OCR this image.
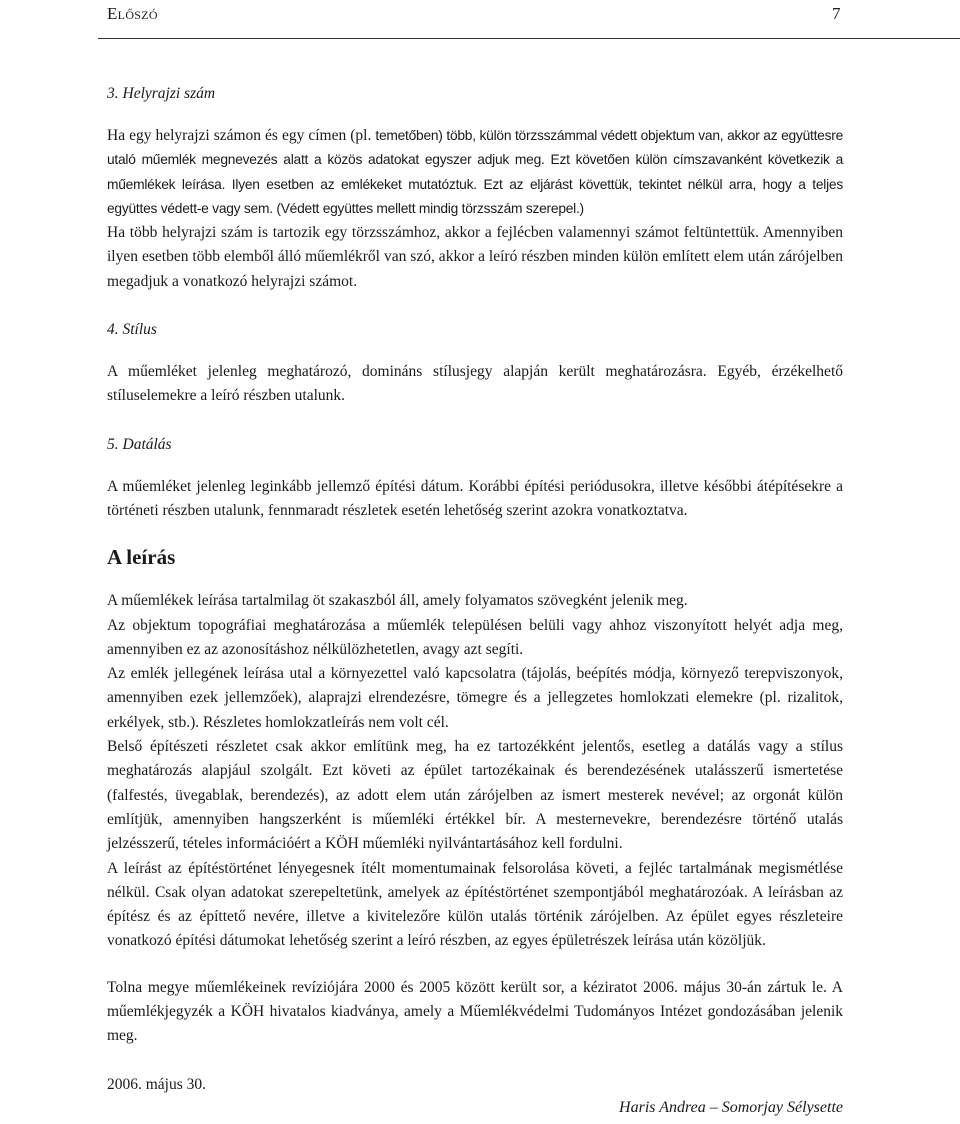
Előszó	7

3. Helyrajzi szám

Ha egy helyrajzi számon és egy címen (pl. temetőben) több, külön törzsszámmal védett objektum van, akkor az együttesre utaló műemlék megnevezés alatt a közös adatokat egyszer adjuk meg. Ezt követően külön címszavanként következik a műemlékek leírása. Ilyen esetben az emlékeket mutatóztuk. Ezt az eljárást követtük, tekintet nélkül arra, hogy a teljes együttes védett-e vagy sem. (Védett együttes mellett mindig törzsszám szerepel.)

Ha több helyrajzi szám is tartozik egy törzsszámhoz, akkor a fejlécben valamennyi számot feltüntettük. Amennyiben ilyen esetben több elemből álló műemlékről van szó, akkor a leíró részben minden külön említett elem után zárójelben megadjuk a vonatkozó helyrajzi számot.

4. Stílus

A műemléket jelenleg meghatározó, domináns stílusjegy alapján került meghatározásra. Egyéb, érzékelhető stíluselemekre a leíró részben utalunk.

5. Datálás

A műemléket jelenleg leginkább jellemző építési dátum. Korábbi építési periódusokra, illetve későbbi átépítésekre a történeti részben utalunk, fennmaradt részletek esetén lehetőség szerint azokra vonatkoztatva.

A leírás

A műemlékek leírása tartalmilag öt szakaszból áll, amely folyamatos szövegként jelenik meg.

Az objektum topográfiai meghatározása a műemlék településen belüli vagy ahhoz viszonyított helyét adja meg, amennyiben ez az azonosításhoz nélkülözhetetlen, avagy azt segíti.

Az emlék jellegének leírása utal a környezettel való kapcsolatra (tájolás, beépítés módja, környező terepviszonyok, amennyiben ezek jellemzőek), alaprajzi elrendezésre, tömegre és a jellegzetes homlokzati elemekre (pl. rizalitok, erkélyek, stb.). Részletes homlokzatleírás nem volt cél.

Belső építészeti részletet csak akkor említünk meg, ha ez tartozékként jelentős, esetleg a datálás vagy a stílus meghatározás alapjául szolgált. Ezt követi az épület tartozékainak és berendezésének utalásszerű ismertetése (falfestés, üvegablak, berendezés), az adott elem után zárójelben az ismert mesterek nevével; az orgonát külön említjük, amennyiben hangszerként is műemléki értékkel bír. A mesternevekre, berendezésre történő utalás jelzésszerű, tételes információért a KÖH műemléki nyilvántartásához kell fordulni.

A leírást az építéstörténet lényegesnek ítélt momentumainak felsorolása követi, a fejléc tartalmának megismétlése nélkül. Csak olyan adatokat szerepeltetünk, amelyek az építéstörténet szempontjából meghatározóak. A leírásban az építész és az építtető nevére, illetve a kivitelezőre külön utalás történik zárójelben. Az épület egyes részleteire vonatkozó építési dátumokat lehetőség szerint a leíró részben, az egyes épületrészek leírása után közöljük.

Tolna megye műemlékeinek revíziójára 2000 és 2005 között került sor, a kéziratot 2006. május 30-án zártuk le. A műemlékjegyzék a KÖH hivatalos kiadványa, amely a Műemlékvédelmi Tudományos Intézet gondozásában jelenik meg.

2006. május 30.

Haris Andrea – Somorjay Sélysette
